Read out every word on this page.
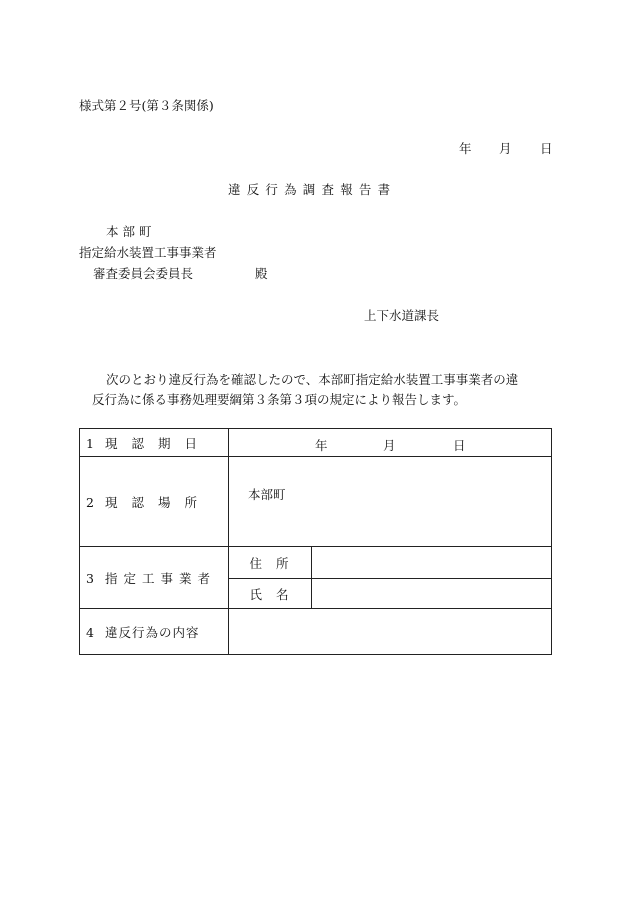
様式第２号(第３条関係)
年 月 日
違反行為調査報告書
本部町
指定給水装置工事事業者
審査委員会委員長	殿
上下水道課長
次のとおり違反行為を確認したので、本部町指定給水装置工事事業者の違
反行為に係る事務処理要綱第３条第３項の規定により報告します。
1 現認期日	年 月 日	

2 現認場所	本部町	

3 指定工事業者	住所	
	氏名	
4 違反行為の内容		
